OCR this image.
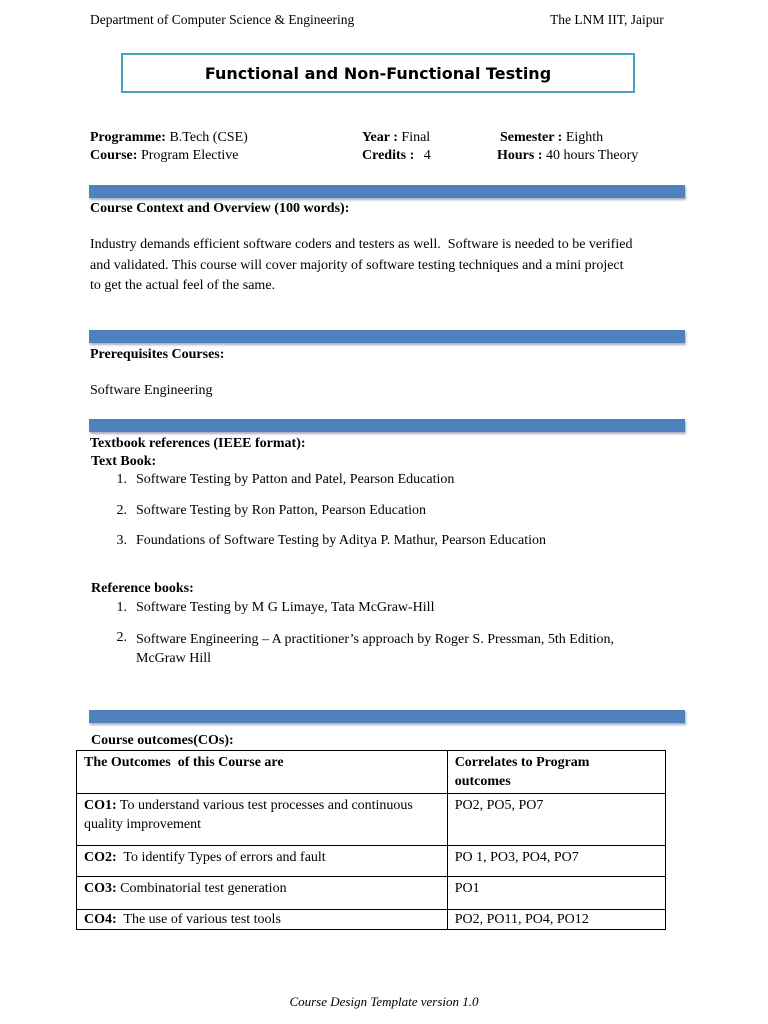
Department of Computer Science & Engineering	The LNM IIT, Jaipur
Functional and Non-Functional Testing
Programme: B.Tech (CSE)	Year : Final	Semester : Eighth
Course: Program Elective	Credits : 4	Hours : 40 hours Theory
Course Context and Overview (100 words):
Industry demands efficient software coders and testers as well.  Software is needed to be verified
and validated. This course will cover majority of software testing techniques and a mini project
to get the actual feel of the same.
Prerequisites Courses:
Software Engineering
Textbook references (IEEE format):
Text Book:
1. Software Testing by Patton and Patel, Pearson Education
2. Software Testing by Ron Patton, Pearson Education
3. Foundations of Software Testing by Aditya P. Mathur, Pearson Education
Reference books:
1. Software Testing by M G Limaye, Tata McGraw-Hill
2. Software Engineering – A practitioner’s approach by Roger S. Pressman, 5th Edition,
McGraw Hill
Course outcomes(COs):
The Outcomes  of this Course are	Correlates to Program
outcomes

CO1: To understand various test processes and continuous
quality improvement	PO2, PO5, PO7
CO2:  To identify Types of errors and fault	PO 1, PO3, PO4, PO7
CO3: Combinatorial test generation	PO1
CO4:  The use of various test tools	PO2, PO11, PO4, PO12
Course Design Template version 1.0
